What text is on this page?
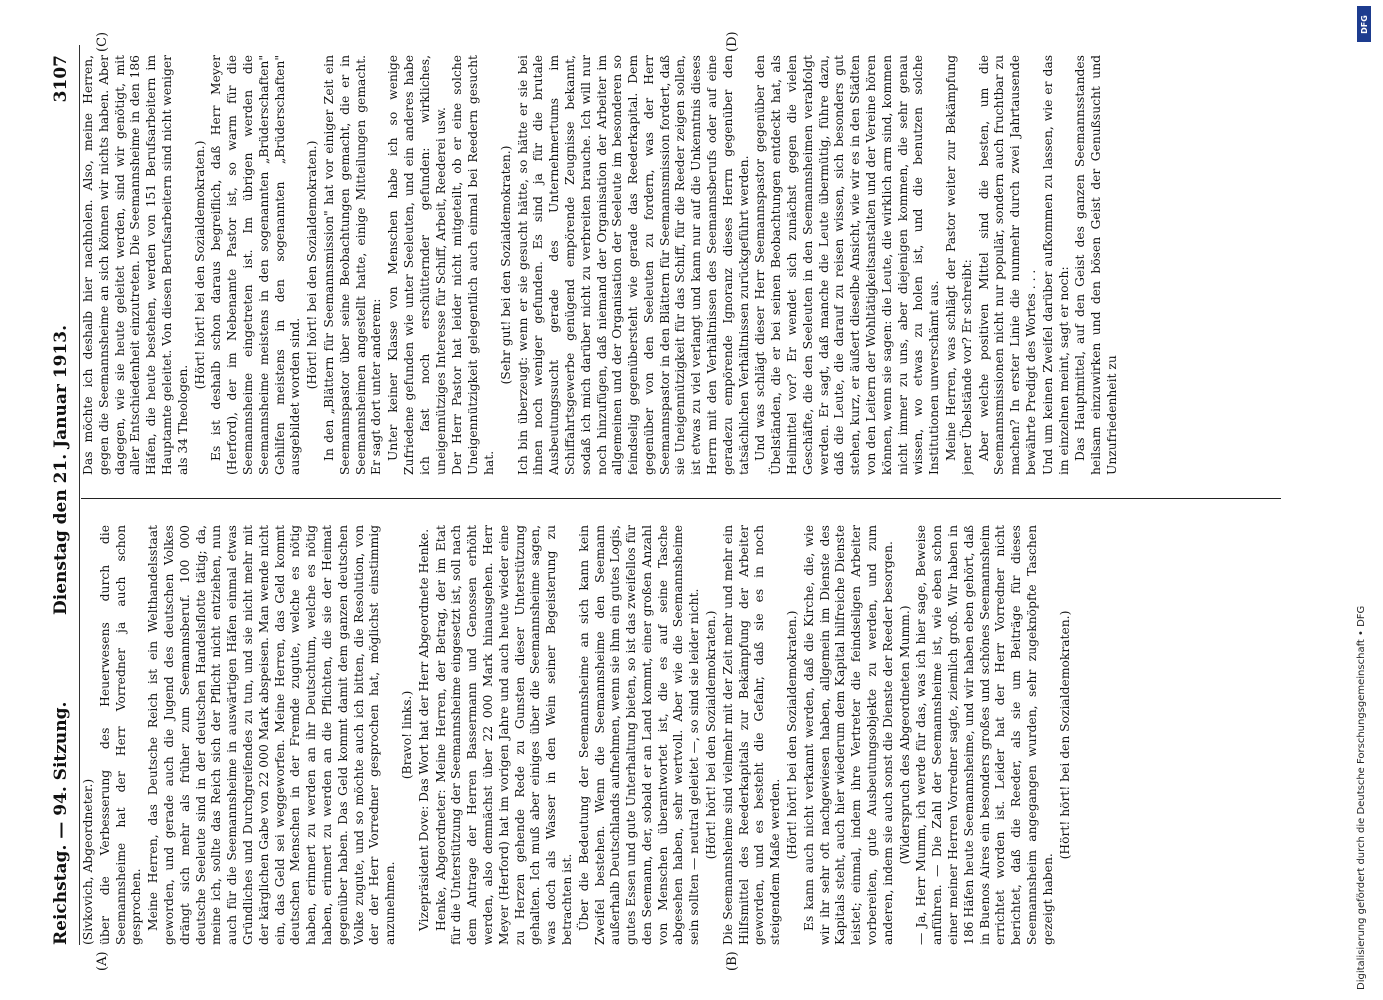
Reichstag. — 94. Sitzung.
Dienstag den 21. Januar 1913.
3107

(Sivkovich, Abgeordneter.) über die Verbesserung des Heuerwesens durch die Seemannsheime hat der Herr Vorredner ja auch schon gesprochen. Meine Herren, das Deutsche Reich ist ein Welthandelsstaat geworden, und gerade auch die Jugend des deutschen Volkes drängt sich mehr als früher zum Seemannsberuf. 100 000 deutsche Seeleute sind in der deutschen Handelsflotte tätig; da, meine ich, sollte das Reich sich der Pflicht nicht entziehen, nun auch für die Seemannsheime in auswärtigen Häfen einmal etwas Gründliches und Durchgreifendes zu tun, und sie nicht mehr mit der kärglichen Gabe von 22 000 Mark abspeisen. Man wende nicht ein, das Geld sei weggeworfen. Meine Herren, das Geld kommt deutschen Menschen in der Fremde zugute, welche es nötig haben, erinnert zu werden an ihr Deutschtum, welche es nötig haben, erinnert zu werden an die Pflichten, die sie der Heimat gegenüber haben. Das Geld kommt damit dem ganzen deutschen Volke zugute, und so möchte auch ich bitten, die Resolution, von der der Herr Vorredner gesprochen hat, möglichst einstimmig anzunehmen.

(Bravo! links.) Vizepräsident Dove: Das Wort hat der Herr Abgeordnete Henke. Henke, Abgeordneter: Meine Herren, der Betrag, der im Etat für die Unterstützung der Seemannsheime eingesetzt ist, soll nach dem Antrage der Herren Bassermann und Genossen erhöht werden, also demnächst über 22 000 Mark hinausgehen. Herr Meyer (Herford) hat im vorigen Jahre und auch heute wieder eine zu Herzen gehende Rede zu Gunsten dieser Unterstützung gehalten. Ich muß aber einiges über die Seemannsheime sagen, was doch als Wasser in den Wein seiner Begeisterung zu betrachten ist. Über die Bedeutung der Seemannsheime an sich kann kein Zweifel bestehen. Wenn die Seemannsheime den Seemann außerhalb Deutschlands aufnehmen, wenn sie ihm ein gutes Logis, gutes Essen und gute Unterhaltung bieten, so ist das zweifellos für den Seemann, der, sobald er an Land kommt, einer großen Anzahl von Menschen überantwortet ist, die es auf seine Tasche abgesehen haben, sehr wertvoll. Aber wie die Seemannsheime sein sollten — neutral geleitet —, so sind sie leider nicht. (Hört! hört! bei den Sozialdemokraten.) Die Seemannsheime sind vielmehr mit der Zeit mehr und mehr ein Hilfsmittel des Reederkapitals zur Bekämpfung der Arbeiter geworden, und es besteht die Gefahr, daß sie es in noch steigendem Maße werden.

(Hört! hört! bei den Sozialdemokraten.) Es kann auch nicht verkannt werden, daß die Kirche, die, wie wir ihr sehr oft nachgewiesen haben, allgemein im Dienste des Kapitals steht, auch hier wiederum dem Kapital hilfreiche Dienste leistet; einmal, indem ihre Vertreter die feindseligen Arbeiter vorbereiten, gute Ausbeutungsobjekte zu werden, und zum anderen, indem sie auch sonst die Dienste der Reeder besorgen. (Widerspruch des Abgeordneten Mumm.) — Ja, Herr Mumm, ich werde für das, was ich hier sage, Beweise anführen. — Die Zahl der Seemannsheime ist, wie eben schon einer meiner Herren Vorredner sagte, ziemlich groß. Wir haben in 186 Häfen heute Seemannsheime, und wir haben eben gehört, daß in Buenos Aires ein besonders großes und schönes Seemannsheim errichtet worden ist. Leider hat der Herr Vorredner nicht berichtet, daß die Reeder, als sie um Beiträge für dieses Seemannsheim angegangen wurden, sehr zugeknöpfte Taschen gezeigt haben.

(Hört! hört! bei den Sozialdemokraten.)

Das möchte ich deshalb hier nachholen. Also, meine Herren, gegen die Seemannsheime an sich können wir nichts haben. Aber dagegen, wie sie heute geleitet werden, sind wir genötigt, mit aller Entschiedenheit einzutreten. Die Seemannsheime in den 186 Häfen, die heute bestehen, werden von 151 Berufsarbeitern im Hauptamte geleitet. Von diesen Berufsarbeitern sind nicht weniger als 34 Theologen.

(Hört! hört! bei den Sozialdemokraten.) Es ist deshalb schon daraus begreiflich, daß Herr Meyer (Herford), der im Nebenamte Pastor ist, so warm für die Seemannsheime eingetreten ist. Im übrigen werden die Seemannsheime meistens in den sogenannten „Brüderschaften" Gehilfen meistens in den sogenannten „Brüderschaften" ausgebildet worden sind.

(Hört! hört! bei den Sozialdemokraten.) In den „Blättern für Seemannsmission" hat vor einiger Zeit ein Seemannspastor über seine Beobachtungen gemacht, die er in Seemannsheimen angestellt hatte, einige Mitteilungen gemacht. Er sagt dort unter anderem: Unter keiner Klasse von Menschen habe ich so wenige Zufriedene gefunden wie unter Seeleuten, und ein anderes habe ich fast noch erschütternder gefunden: wirkliches, uneigennütziges Interesse für Schiff, Arbeit, Reederei usw. Der Herr Pastor hat leider nicht mitgeteilt, ob er eine solche Uneigennützigkeit gelegentlich auch einmal bei Reedern gesucht hat.

(Sehr gut! bei den Sozialdemokraten.) Ich bin überzeugt: wenn er sie gesucht hätte, so hätte er sie bei ihnen noch weniger gefunden. Es sind ja für die brutale Ausbeutungssucht gerade des Unternehmertums im Schiffahrtsgewerbe genügend empörende Zeugnisse bekannt, sodaß ich mich darüber nicht zu verbreiten brauche. Ich will nur noch hinzufügen, daß niemand der Organisation der Arbeiter im allgemeinen und der Organisation der Seeleute im besonderen so feindselig gegenübersteht wie gerade das Reederkapital. Dem gegenüber von den Seeleuten zu fordern, was der Herr Seemannspastor in den Blättern für Seemannsmission fordert, daß sie Uneigennützigkeit für das Schiff, für die Reeder zeigen sollen, ist etwas zu viel verlangt und kann nur auf die Unkenntnis dieses Herrn mit den Verhältnissen des Seemannsberufs oder auf eine geradezu empörende Ignoranz dieses Herrn gegenüber den tatsächlichen Verhältnissen zurückgeführt werden. Und was schlägt dieser Herr Seemannspastor gegenüber den Übelständen, die er bei seinen Beobachtungen entdeckt hat, als Heilmittel vor? Er wendet sich zunächst gegen die vielen Geschäfte, die den Seeleuten in den Seemannsheimen verabfolgt werden. Er sagt, daß manche die Leute übermütig, führe dazu, daß die Leute, die darauf zu reisen wissen, sich besonders gut stehen, kurz, er äußert dieselbe Ansicht, wie wir es in den Städten von den Leitern der Wohltätigkeitsanstalten und der Vereine hören können, wenn sie sagen: die Leute, die wirklich arm sind, kommen nicht immer zu uns, aber diejenigen kommen, die sehr genau wissen, wo etwas zu holen ist, und die benutzen solche Institutionen unverschämt aus. Meine Herren, was schlägt der Pastor weiter zur Bekämpfung jener Übelstände vor? Er schreibt: Aber welche positiven Mittel sind die besten, um die Seemannsmissionen nicht nur populär, sondern auch fruchtbar zu machen? In erster Linie die nunmehr durch zwei Jahrtausende bewährte Predigt des Wortes . . . Und um keinen Zweifel darüber aufkommen zu lassen, wie er das im einzelnen meint, sagt er noch: Das Hauptmittel, auf den Geist des ganzen Seemannsstandes heilsam einzuwirken und den bösen Geist der Genußsucht und Unzufriedenheit zu

(A)	(B)
(C)	(D)
DFG
Digitalisierung gefördert durch die Deutsche Forschungsgemeinschaft • DFG
